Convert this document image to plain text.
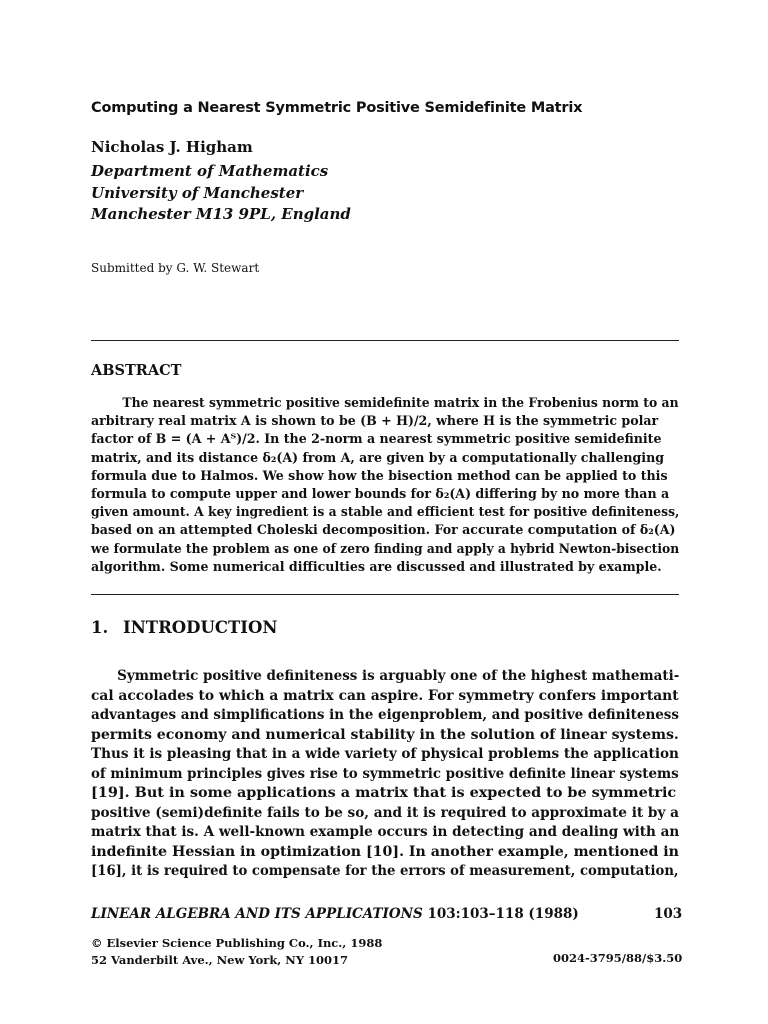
Computing a Nearest Symmetric Positive Semidefinite Matrix
Nicholas J. Higham
Department of Mathematics
University of Manchester
Manchester M13 9PL, England
Submitted by G. W. Stewart
ABSTRACT
The nearest symmetric positive semidefinite matrix in the Frobenius norm to an
arbitrary real matrix A is shown to be (B + H)/2, where H is the symmetric polar
factor of B = (A + Aᵀ)/2. In the 2-norm a nearest symmetric positive semidefinite
matrix, and its distance δ₂(A) from A, are given by a computationally challenging
formula due to Halmos. We show how the bisection method can be applied to this
formula to compute upper and lower bounds for δ₂(A) differing by no more than a
given amount. A key ingredient is a stable and efficient test for positive definiteness,
based on an attempted Choleski decomposition. For accurate computation of δ₂(A)
we formulate the problem as one of zero finding and apply a hybrid Newton-bisection
algorithm. Some numerical difficulties are discussed and illustrated by example.
1. INTRODUCTION
Symmetric positive definiteness is arguably one of the highest mathemati-
cal accolades to which a matrix can aspire. For symmetry confers important
advantages and simplifications in the eigenproblem, and positive definiteness
permits economy and numerical stability in the solution of linear systems.
Thus it is pleasing that in a wide variety of physical problems the application
of minimum principles gives rise to symmetric positive definite linear systems
[19]. But in some applications a matrix that is expected to be symmetric
positive (semi)definite fails to be so, and it is required to approximate it by a
matrix that is. A well-known example occurs in detecting and dealing with an
indefinite Hessian in optimization [10]. In another example, mentioned in
[16], it is required to compensate for the errors of measurement, computation,
LINEAR ALGEBRA AND ITS APPLICATIONS 103:103–118 (1988)	103
© Elsevier Science Publishing Co., Inc., 1988
52 Vanderbilt Ave., New York, NY 10017	0024-3795/88/$3.50
